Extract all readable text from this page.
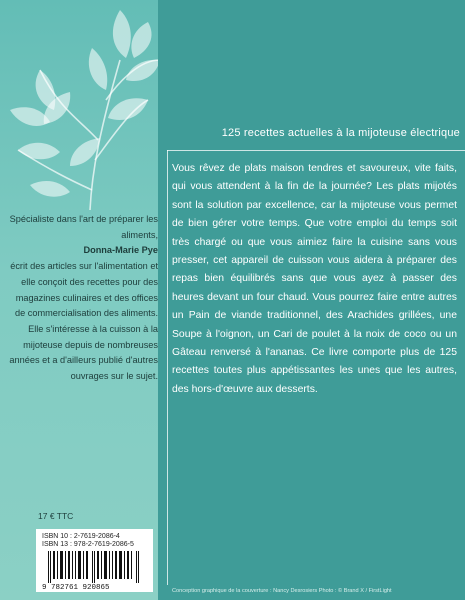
Spécialiste dans l'art de préparer les aliments,
Donna-Marie Pye
écrit des articles sur l'alimentation et elle conçoit des recettes pour des magazines culinaires et des offices de commercialisation des aliments. Elle s'intéresse à la cuisson à la mijoteuse depuis de nombreuses années et a d'ailleurs publié d'autres ouvrages sur le sujet.
17 € TTC
ISBN 10 : 2-7619-2086-4
ISBN 13 : 978-2-7619-2086-5
9 782761 920865
125 recettes actuelles à la mijoteuse électrique
Vous rêvez de plats maison tendres et savoureux, vite faits, qui vous attendent à la fin de la journée? Les plats mijotés sont la solution par excellence, car la mijoteuse vous permet de bien gérer votre temps. Que votre emploi du temps soit très chargé ou que vous aimiez faire la cuisine sans vous presser, cet appareil de cuisson vous aidera à préparer des repas bien équilibrés sans que vous ayez à passer des heures devant un four chaud. Vous pourrez faire entre autres un Pain de viande traditionnel, des Arachides grillées, une Soupe à l'oignon, un Cari de poulet à la noix de coco ou un Gâteau renversé à l'ananas. Ce livre comporte plus de 125 recettes toutes plus appétissantes les unes que les autres, des hors-d'œuvre aux desserts.
Conception graphique de la couverture : Nancy Desrosiers Photo : © Brand X / FirstLight
